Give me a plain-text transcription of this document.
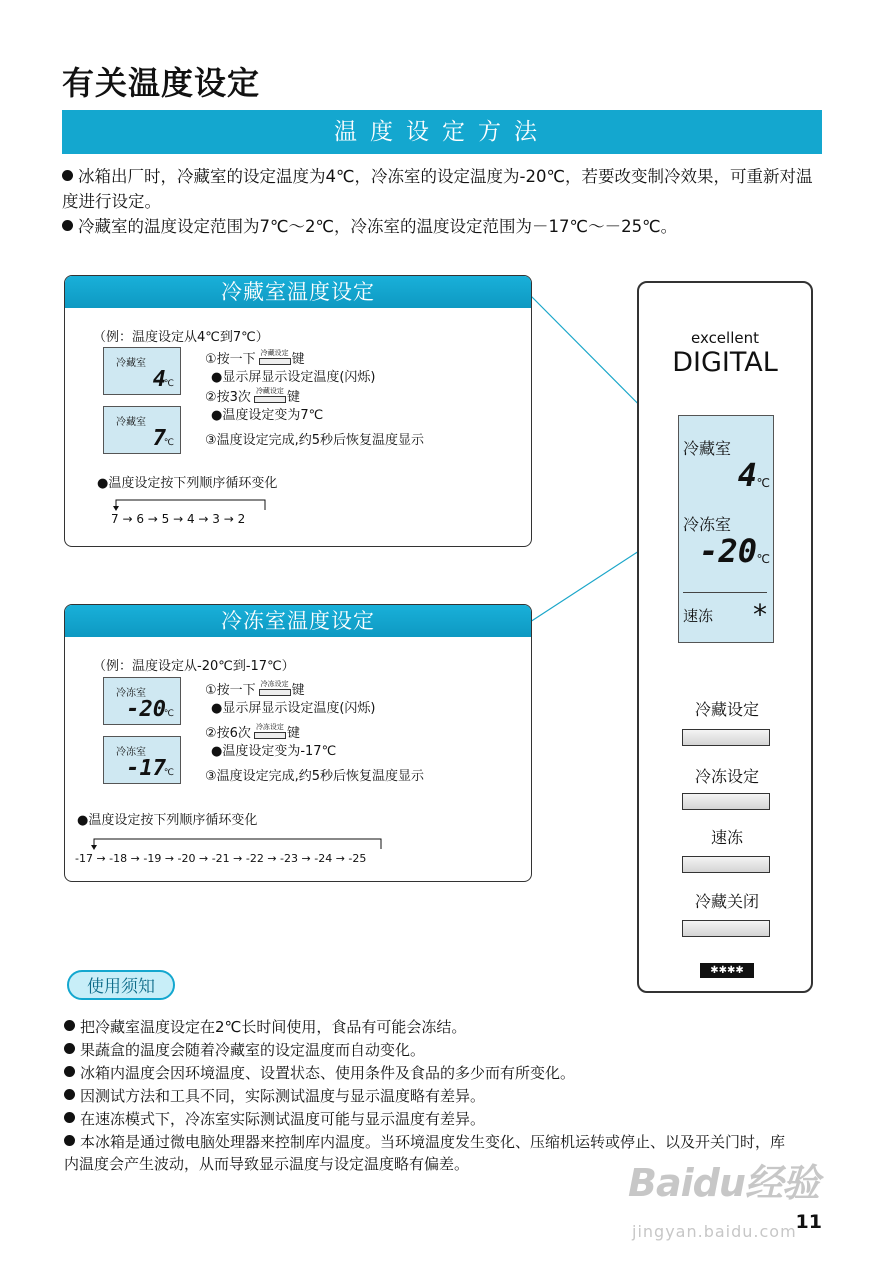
有关温度设定
温度设定方法
冰箱出厂时，冷藏室的设定温度为4℃，冷冻室的设定温度为-20℃，若要改变制冷效果，可重新对温度进行设定。
冷藏室的温度设定范围为7℃～2℃，冷冻室的温度设定范围为－17℃～－25℃。
冷藏室温度设定
（例：温度设定从4℃到7℃）
冷藏室
4
℃
冷藏室
7
℃
①按一下 冷藏设定 键
●显示屏显示设定温度(闪烁)
②按3次 冷藏设定 键
●温度设定变为7℃
③温度设定完成,约5秒后恢复温度显示
●温度设定按下列顺序循环变化
7 → 6 → 5 → 4 → 3 → 2
冷冻室温度设定
（例：温度设定从-20℃到-17℃）
冷冻室
-20
℃
冷冻室
-17
℃
①按一下 冷冻设定 键
●显示屏显示设定温度(闪烁)
②按6次 冷冻设定 键
●温度设定变为-17℃
③温度设定完成,约5秒后恢复温度显示
●温度设定按下列顺序循环变化
-17 → -18 → -19 → -20 → -21 → -22 → -23 → -24 → -25
excellent
DIGITAL
冷藏室
4 ℃
冷冻室
-20 ℃
速冻 *
冷藏设定
冷冻设定
速冻
冷藏关闭
✱✱✱✱
使用须知
把冷藏室温度设定在2℃长时间使用，食品有可能会冻结。
果蔬盒的温度会随着冷藏室的设定温度而自动变化。
冰箱内温度会因环境温度、设置状态、使用条件及食品的多少而有所变化。
因测试方法和工具不同，实际测试温度与显示温度略有差异。
在速冻模式下，冷冻室实际测试温度可能与显示温度有差异。
本冰箱是通过微电脑处理器来控制库内温度。当环境温度发生变化、压缩机运转或停止、以及开关门时，库内温度会产生波动，从而导致显示温度与设定温度略有偏差。	Baidu经验
jingyan.baidu.com
11
